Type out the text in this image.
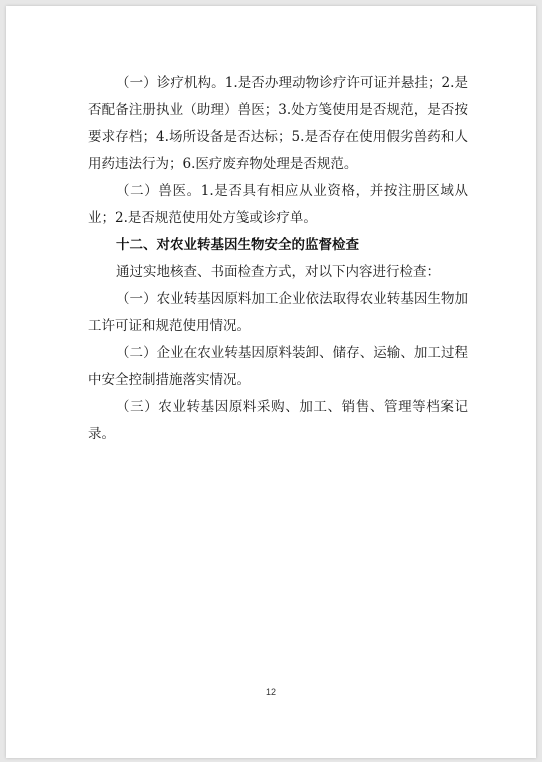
（一）诊疗机构。1.是否办理动物诊疗许可证并悬挂；2.是否配备注册执业（助理）兽医；3.处方笺使用是否规范，是否按要求存档；4.场所设备是否达标；5.是否存在使用假劣兽药和人用药违法行为；6.医疗废弃物处理是否规范。

（二）兽医。1.是否具有相应从业资格，并按注册区域从业；2.是否规范使用处方笺或诊疗单。

十二、对农业转基因生物安全的监督检查

通过实地核查、书面检查方式，对以下内容进行检查：

（一）农业转基因原料加工企业依法取得农业转基因生物加工许可证和规范使用情况。

（二）企业在农业转基因原料装卸、储存、运输、加工过程中安全控制措施落实情况。

（三）农业转基因原料采购、加工、销售、管理等档案记录。

12
